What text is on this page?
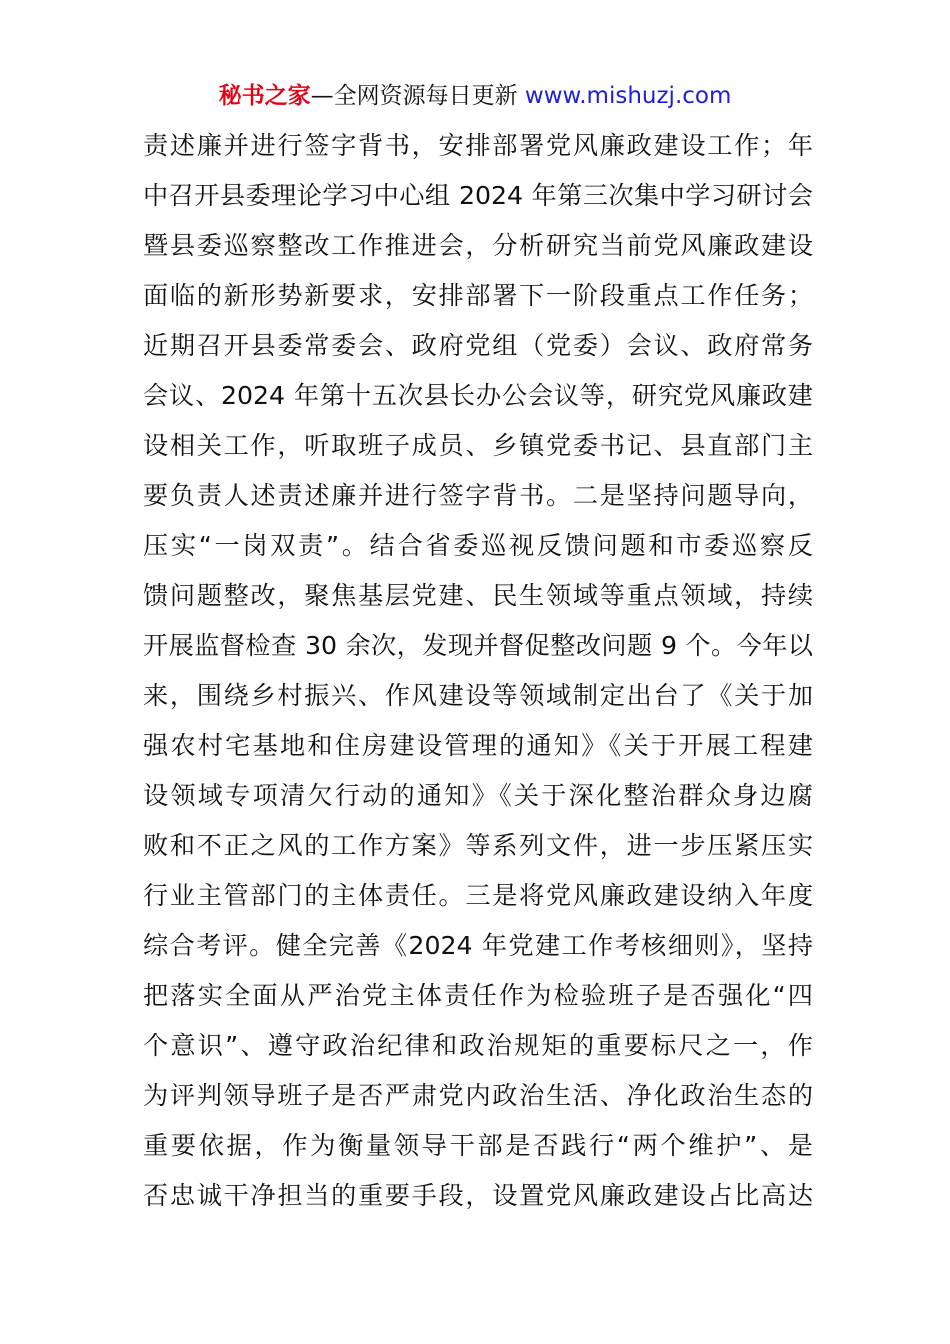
秘书之家—全网资源每日更新 www.mishuzj.com
责述廉并进行签字背书，安排部署党风廉政建设工作；年
中召开县委理论学习中心组 2024 年第三次集中学习研讨会
暨县委巡察整改工作推进会，分析研究当前党风廉政建设
面临的新形势新要求，安排部署下一阶段重点工作任务；
近期召开县委常委会、政府党组（党委）会议、政府常务
会议、2024 年第十五次县长办公会议等，研究党风廉政建
设相关工作，听取班子成员、乡镇党委书记、县直部门主
要负责人述责述廉并进行签字背书。二是坚持问题导向，
压实“一岗双责”。结合省委巡视反馈问题和市委巡察反
馈问题整改，聚焦基层党建、民生领域等重点领域，持续
开展监督检查 30 余次，发现并督促整改问题 9 个。今年以
来，围绕乡村振兴、作风建设等领域制定出台了《关于加
强农村宅基地和住房建设管理的通知》《关于开展工程建
设领域专项清欠行动的通知》《关于深化整治群众身边腐
败和不正之风的工作方案》等系列文件，进一步压紧压实
行业主管部门的主体责任。三是将党风廉政建设纳入年度
综合考评。健全完善《2024 年党建工作考核细则》，坚持
把落实全面从严治党主体责任作为检验班子是否强化“四
个意识”、遵守政治纪律和政治规矩的重要标尺之一，作
为评判领导班子是否严肃党内政治生活、净化政治生态的
重要依据，作为衡量领导干部是否践行“两个维护”、是
否忠诚干净担当的重要手段，设置党风廉政建设占比高达
